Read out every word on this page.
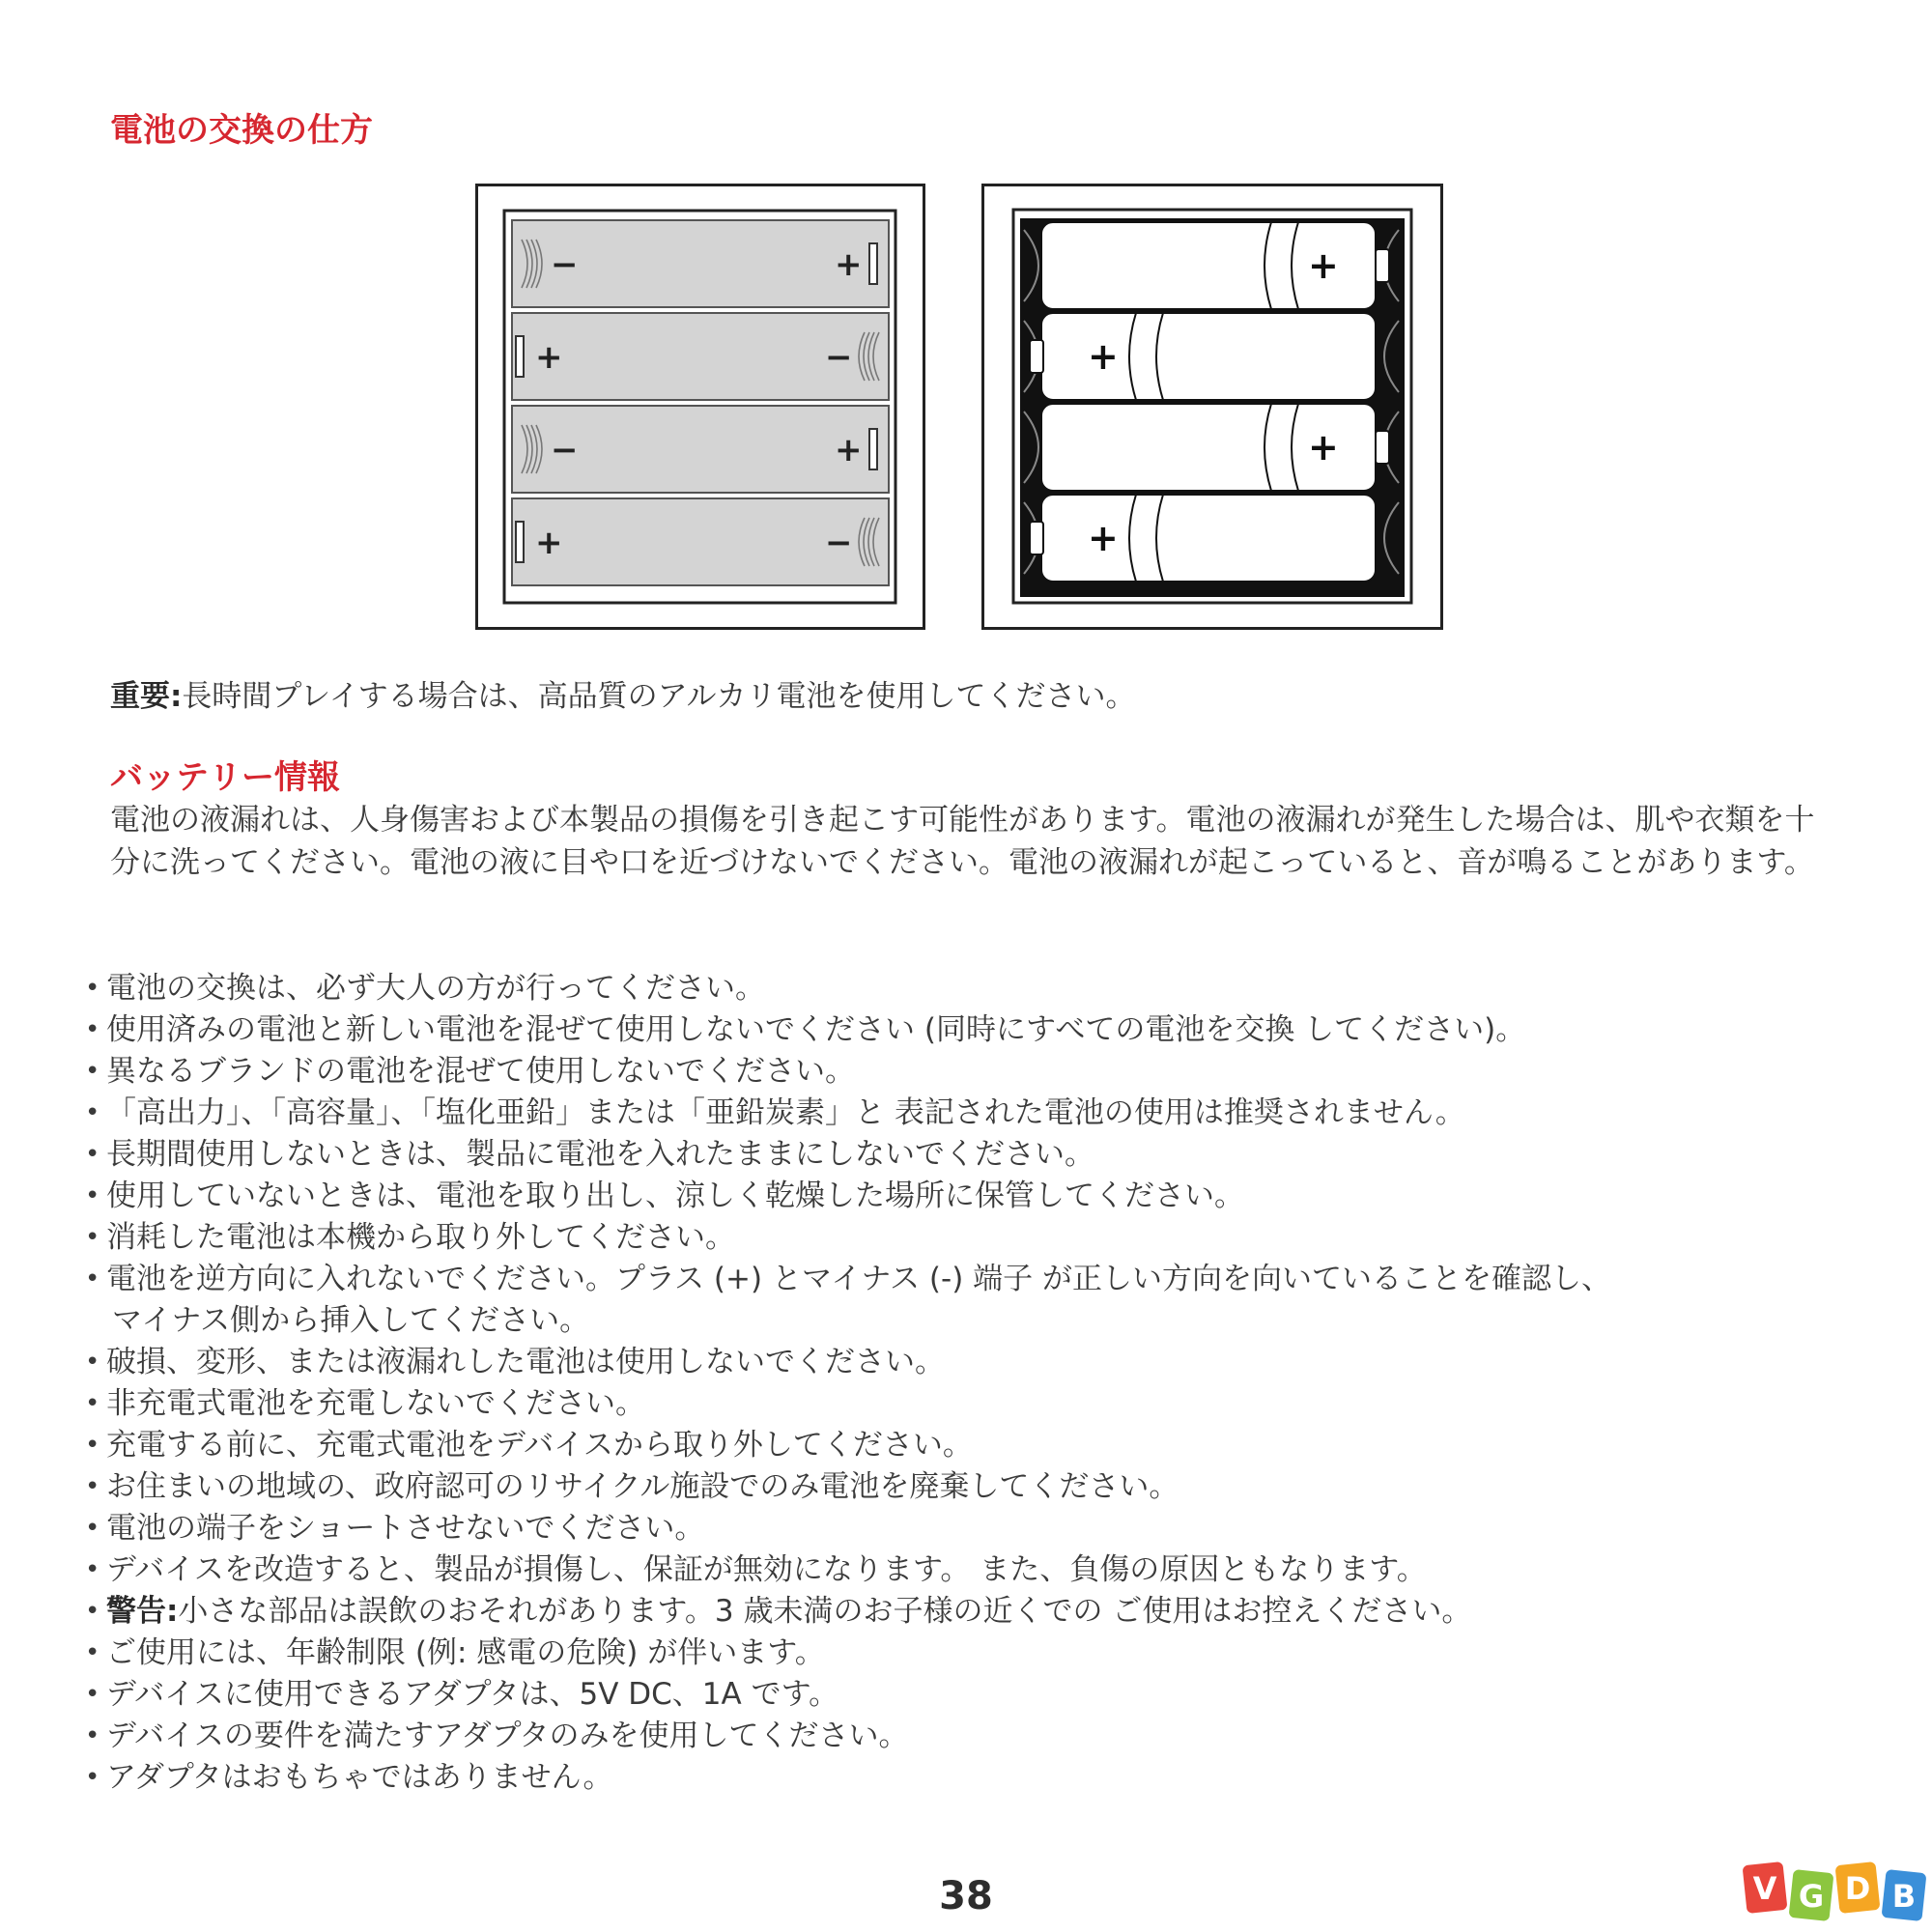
電池の交換の仕方
−	+
+	−
−	+
+	−
+
+
+
+
重要:長時間プレイする場合は、高品質のアルカリ電池を使用してください。
バッテリー情報

電池の液漏れは、人身傷害および本製品の損傷を引き起こす可能性があります。電池の液漏れが発生した場合は、肌や衣類を十分に洗ってください。電池の液に目や口を近づけないでください。電池の液漏れが起こっていると、音が鳴ることがあります。

• 電池の交換は、必ず大人の方が行ってください。
• 使用済みの電池と新しい電池を混ぜて使用しないでください (同時にすべての電池を交換 してください)。
• 異なるブランドの電池を混ぜて使用しないでください。
• 「高出力」、「高容量」、「塩化亜鉛」または「亜鉛炭素」と 表記された電池の使用は推奨されません。
• 長期間使用しないときは、製品に電池を入れたままにしないでください。
• 使用していないときは、電池を取り出し、涼しく乾燥した場所に保管してください。
• 消耗した電池は本機から取り外してください。
• 電池を逆方向に入れないでください。プラス (+) とマイナス (-) 端子 が正しい方向を向いていることを確認し、
マイナス側から挿入してください。
• 破損、変形、または液漏れした電池は使用しないでください。
• 非充電式電池を充電しないでください。
• 充電する前に、充電式電池をデバイスから取り外してください。
• お住まいの地域の、政府認可のリサイクル施設でのみ電池を廃棄してください。
• 電池の端子をショートさせないでください。
• デバイスを改造すると、製品が損傷し、保証が無効になります。 また、負傷の原因ともなります。
• 警告:小さな部品は誤飲のおそれがあります。3 歳未満のお子様の近くでの ご使用はお控えください。
• ご使用には、年齢制限 (例: 感電の危険) が伴います。
• デバイスに使用できるアダプタは、5V DC、1A です。
• デバイスの要件を満たすアダプタのみを使用してください。
• アダプタはおもちゃではありません。
38	V G D B
